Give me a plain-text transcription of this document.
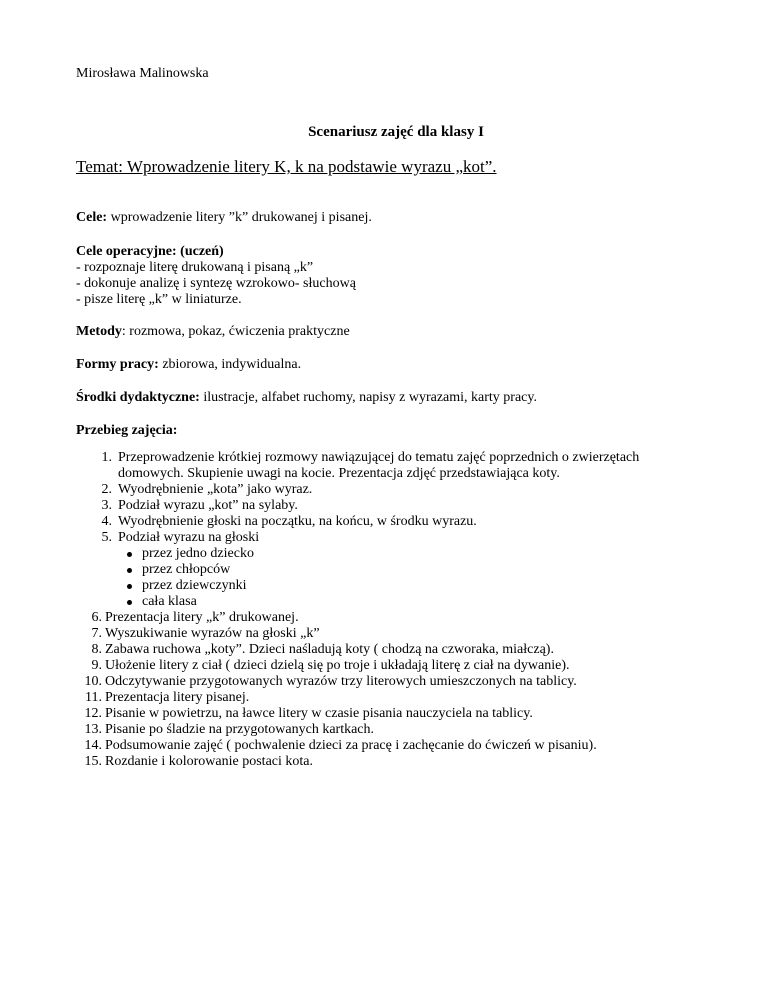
Mirosława Malinowska

Scenariusz zajęć dla klasy I

Temat: Wprowadzenie litery K, k na podstawie wyrazu „kot”.

Cele: wprowadzenie litery ”k” drukowanej i pisanej.

Cele operacyjne: (uczeń)
- rozpoznaje literę drukowaną i pisaną „k”
- dokonuje analizę i syntezę wzrokowo- słuchową
- pisze literę „k” w liniaturze.

Metody: rozmowa, pokaz, ćwiczenia praktyczne

Formy pracy: zbiorowa, indywidualna.

Środki dydaktyczne: ilustracje, alfabet ruchomy, napisy z wyrazami, karty pracy.

Przebieg zajęcia:

1. Przeprowadzenie krótkiej rozmowy nawiązującej do tematu zajęć poprzednich o zwierzętach domowych. Skupienie uwagi na kocie. Prezentacja zdjęć przedstawiająca koty.
2. Wyodrębnienie „kota” jako wyraz.
3. Podział wyrazu „kot” na sylaby.
4. Wyodrębnienie głoski na początku, na końcu, w środku wyrazu.
5. Podział wyrazu na głoski
przez jedno dziecko
przez chłopców
przez dziewczynki
cała klasa
6. Prezentacja litery „k” drukowanej.
7. Wyszukiwanie wyrazów na głoski „k”
8. Zabawa ruchowa „koty”. Dzieci naśladują koty ( chodzą na czworaka, miałczą).
9. Ułożenie litery z ciał ( dzieci dzielą się po troje i układają literę z ciał na dywanie).
10. Odczytywanie przygotowanych wyrazów trzy literowych umieszczonych na tablicy.
11. Prezentacja litery pisanej.
12. Pisanie w powietrzu, na ławce litery w czasie pisania nauczyciela na tablicy.
13. Pisanie po śladzie na przygotowanych kartkach.
14. Podsumowanie zajęć ( pochwalenie dzieci za pracę i zachęcanie do ćwiczeń w pisaniu).
15. Rozdanie i kolorowanie postaci kota.
